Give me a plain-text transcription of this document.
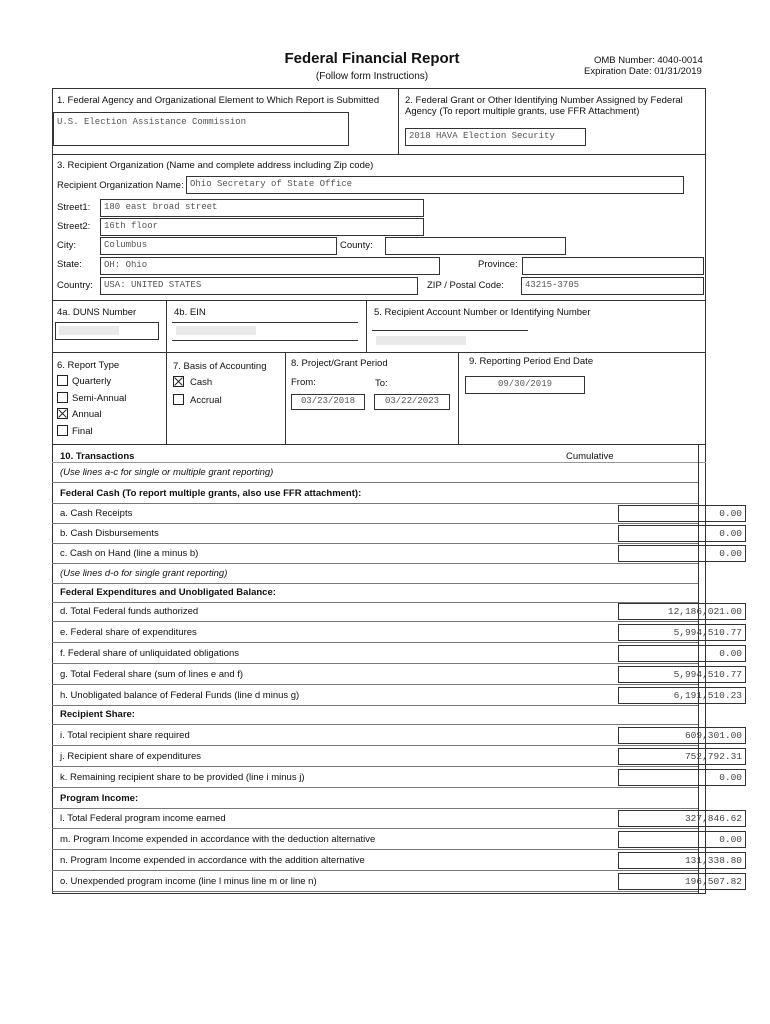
Federal Financial Report
(Follow form Instructions)
OMB Number: 4040-0014
Expiration Date: 01/31/2019
1. Federal Agency and Organizational Element to Which Report is Submitted
U.S. Election Assistance Commission
2. Federal Grant or Other Identifying Number Assigned by Federal
Agency (To report multiple grants, use FFR Attachment)
2018 HAVA Election Security
3. Recipient Organization (Name and complete address including Zip code)
Recipient Organization Name: Ohio Secretary of State Office
Street1:	180 east broad street
Street2:	16th floor
City:	Columbus	County:
State:	OH: Ohio	Province:
Country:	USA: UNITED STATES	ZIP / Postal Code:	43215-3705
4a. DUNS Number	4b. EIN	5. Recipient Account Number or Identifying Number
6. Report Type
Quarterly
Semi-Annual
Annual
Final
7. Basis of Accounting
Cash
Accrual
8. Project/Grant Period
From:	To:
03/23/2018	03/22/2023
9. Reporting Period End Date
09/30/2019
10. Transactions	Cumulative
(Use lines a-c for single or multiple grant reporting)
Federal Cash (To report multiple grants, also use FFR attachment):
a. Cash Receipts	0.00
b. Cash Disbursements	0.00
c. Cash on Hand (line a minus b)	0.00
(Use lines d-o for single grant reporting)
Federal Expenditures and Unobligated Balance:
d. Total Federal funds authorized	12,186,021.00
e. Federal share of expenditures	5,994,510.77
f. Federal share of unliquidated obligations	0.00
g. Total Federal share (sum of lines e and f)	5,994,510.77
h. Unobligated balance of Federal Funds (line d minus g)	6,191,510.23
Recipient Share:
i. Total recipient share required	609,301.00
j. Recipient share of expenditures	752,792.31
k. Remaining recipient share to be provided (line i minus j)	0.00
Program Income:
l. Total Federal program income earned	327,846.62
m. Program Income expended in accordance with the deduction alternative	0.00
n. Program Income expended in accordance with the addition alternative	131,338.80
o. Unexpended program income (line l minus line m or line n)	196,507.82
